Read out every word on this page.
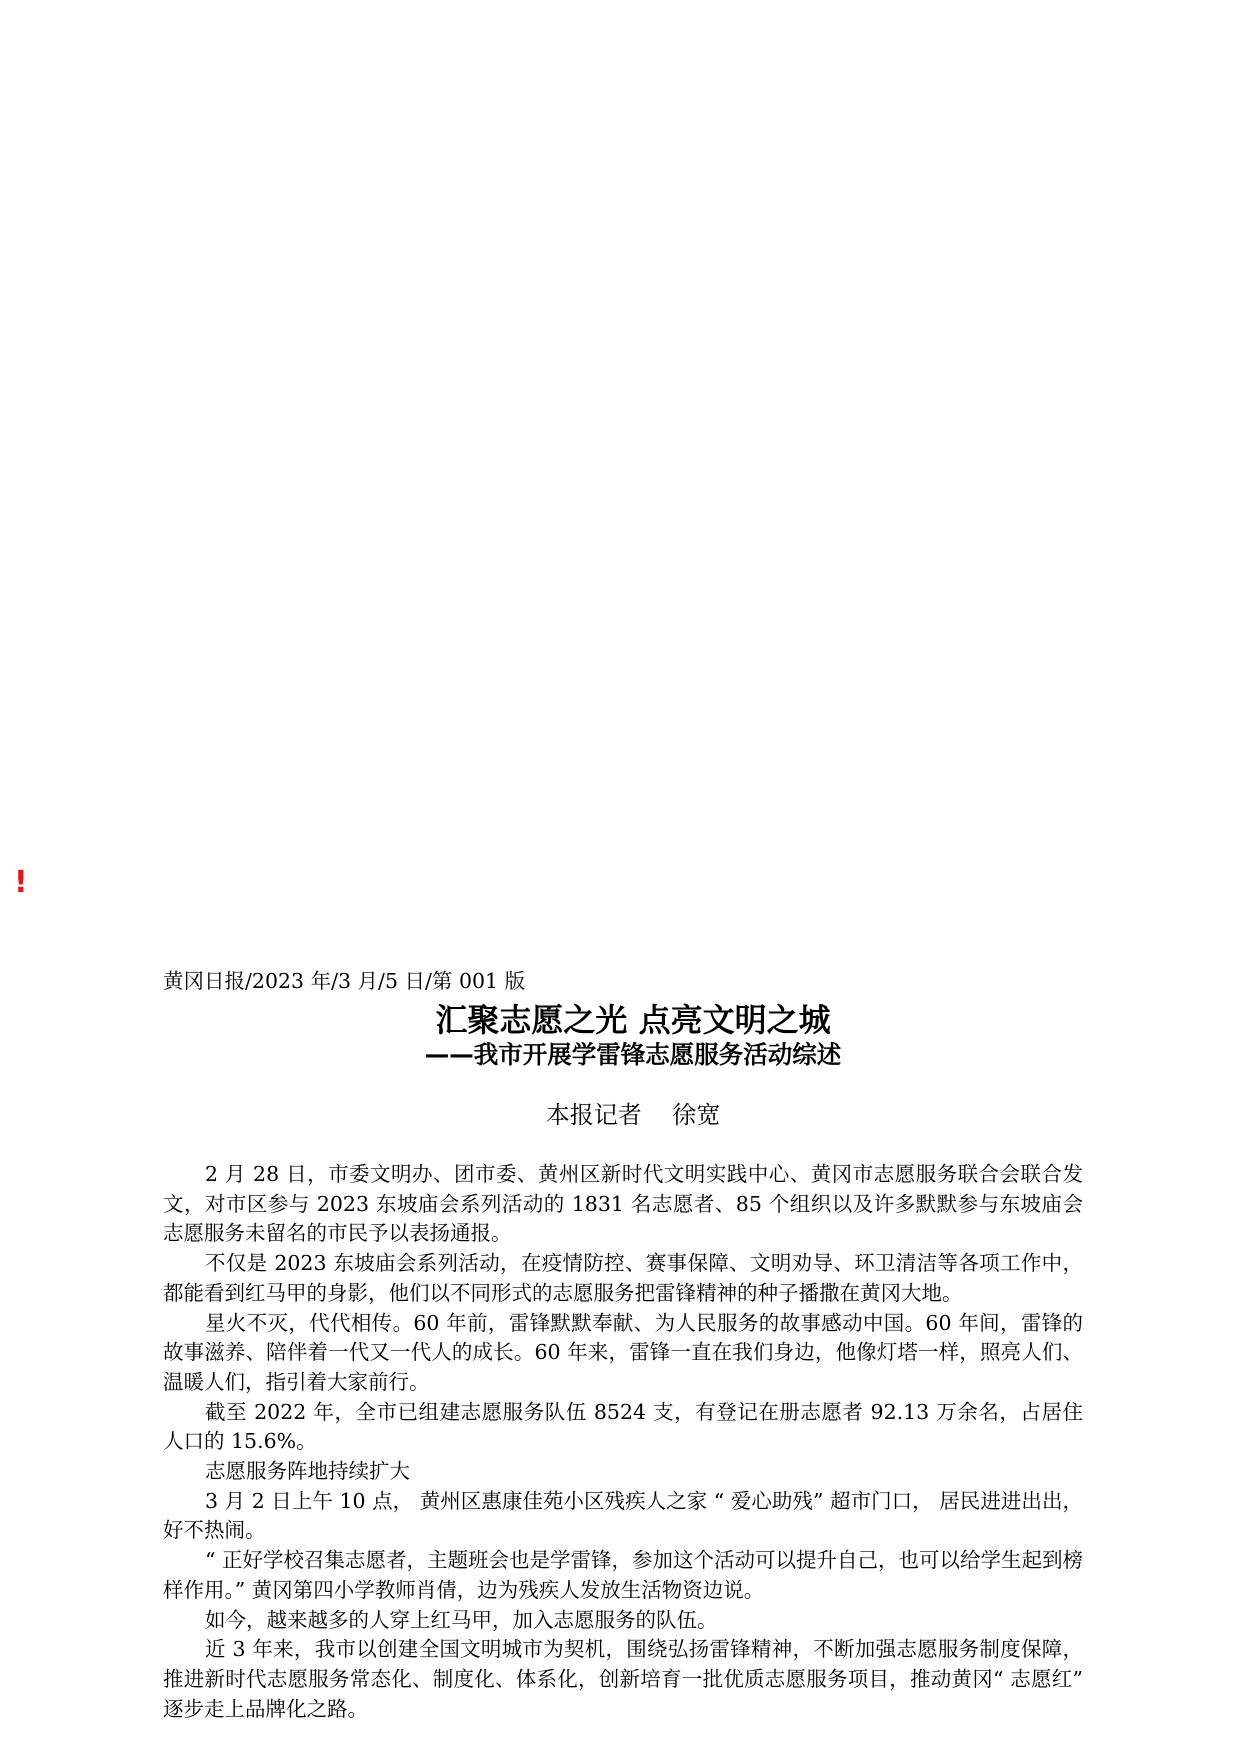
!
黄冈日报/2023 年/3 月/5 日/第 001 版
汇聚志愿之光 点亮文明之城
——我市开展学雷锋志愿服务活动综述
本报记者    徐宽

2 月 28 日，市委文明办、团市委、黄州区新时代文明实践中心、黄冈市志愿服务联合会联合发文，对市区参与 2023 东坡庙会系列活动的 1831 名志愿者、85 个组织以及许多默默参与东坡庙会志愿服务未留名的市民予以表扬通报。

不仅是 2023 东坡庙会系列活动，在疫情防控、赛事保障、文明劝导、环卫清洁等各项工作中，都能看到红马甲的身影，他们以不同形式的志愿服务把雷锋精神的种子播撒在黄冈大地。

星火不灭，代代相传。60 年前，雷锋默默奉献、为人民服务的故事感动中国。60 年间，雷锋的故事滋养、陪伴着一代又一代人的成长。60 年来，雷锋一直在我们身边，他像灯塔一样，照亮人们、温暖人们，指引着大家前行。

截至 2022 年，全市已组建志愿服务队伍 8524 支，有登记在册志愿者 92.13 万余名，占居住人口的 15.6%。

志愿服务阵地持续扩大

3 月 2 日上午 10 点， 黄州区惠康佳苑小区残疾人之家 “ 爱心助残” 超市门口， 居民进进出出，好不热闹。

“ 正好学校召集志愿者，主题班会也是学雷锋，参加这个活动可以提升自己，也可以给学生起到榜样作用。” 黄冈第四小学教师肖倩，边为残疾人发放生活物资边说。

如今，越来越多的人穿上红马甲，加入志愿服务的队伍。

近 3 年来，我市以创建全国文明城市为契机，围绕弘扬雷锋精神，不断加强志愿服务制度保障，推进新时代志愿服务常态化、制度化、体系化，创新培育一批优质志愿服务项目，推动黄冈“ 志愿红” 逐步走上品牌化之路。
